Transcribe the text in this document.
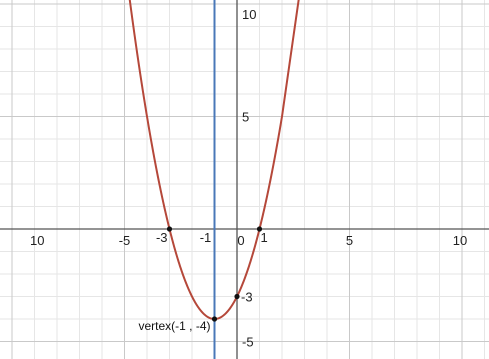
10	-5	0	5	10
10
5
-5
-1
-3	1
-3
vertex(-1 , -4)
